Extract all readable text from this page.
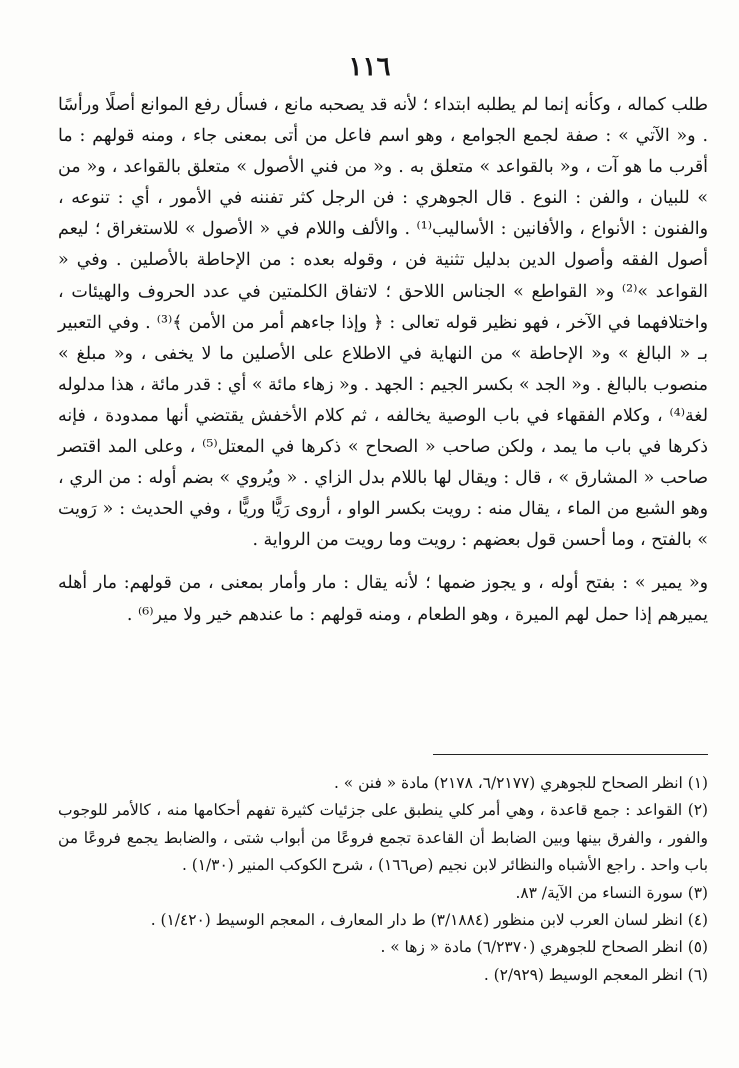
١١٦

طلب كماله ، وكأنه إنما لم يطلبه ابتداء ؛ لأنه قد يصحبه مانع ، فسأل رفع الموانع أصلًا ورأسًا . و« الآتي » : صفة لجمع الجوامع ، وهو اسم فاعل من أتى بمعنى جاء ، ومنه قولهم : ما أقرب ما هو آت ، و« بالقواعد » متعلق به . و« من فني الأصول » متعلق بالقواعد ، و« من » للبيان ، والفن : النوع . قال الجوهري : فن الرجل كثر تفننه في الأمور ، أي : تنوعه ، والفنون : الأنواع ، والأفانين : الأساليب⁽¹⁾ . والألف واللام في « الأصول » للاستغراق ؛ ليعم أصول الفقه وأصول الدين بدليل تثنية فن ، وقوله بعده : من الإحاطة بالأصلين . وفي « القواعد »⁽²⁾ و« القواطع » الجناس اللاحق ؛ لاتفاق الكلمتين في عدد الحروف والهيئات ، واختلافهما في الآخر ، فهو نظير قوله تعالى : ﴿ وإذا جاءهم أمر من الأمن ﴾⁽³⁾ . وفي التعبير بـ « البالغ » و« الإحاطة » من النهاية في الاطلاع على الأصلين ما لا يخفى ، و« مبلغ » منصوب بالبالغ . و« الجد » بكسر الجيم : الجهد . و« زهاء مائة » أي : قدر مائة ، هذا مدلوله لغة⁽⁴⁾ ، وكلام الفقهاء في باب الوصية يخالفه ، ثم كلام الأخفش يقتضي أنها ممدودة ، فإنه ذكرها في باب ما يمد ، ولكن صاحب « الصحاح » ذكرها في المعتل⁽⁵⁾ ، وعلى المد اقتصر صاحب « المشارق » ، قال : ويقال لها باللام بدل الزاي . « ويُروي » بضم أوله : من الري ، وهو الشبع من الماء ، يقال منه : رويت بكسر الواو ، أروى رَيًّا وريًّا ، وفي الحديث : « رَويت » بالفتح ، وما أحسن قول بعضهم : رويت وما رويت من الرواية .

و« يمير » : بفتح أوله ، و يجوز ضمها ؛ لأنه يقال : مار وأمار بمعنى ، من قولهم: مار أهله يميرهم إذا حمل لهم الميرة ، وهو الطعام ، ومنه قولهم : ما عندهم خير ولا مير⁽⁶⁾ .

(١) انظر الصحاح للجوهري (٦/٢١٧٧، ٢١٧٨) مادة « فنن » .

(٢) القواعد : جمع قاعدة ، وهي أمر كلي ينطبق على جزئيات كثيرة تفهم أحكامها منه ، كالأمر للوجوب والفور ، والفرق بينها وبين الضابط أن القاعدة تجمع فروعًا من أبواب شتى ، والضابط يجمع فروعًا من باب واحد . راجع الأشباه والنظائر لابن نجيم (ص١٦٦) ، شرح الكوكب المنير (١/٣٠) .

(٣) سورة النساء من الآية/ ٨٣.

(٤) انظر لسان العرب لابن منظور (٣/١٨٨٤) ط دار المعارف ، المعجم الوسيط (١/٤٢٠) .

(٥) انظر الصحاح للجوهري (٦/٢٣٧٠) مادة « زها » .

(٦) انظر المعجم الوسيط (٢/٩٢٩) .
